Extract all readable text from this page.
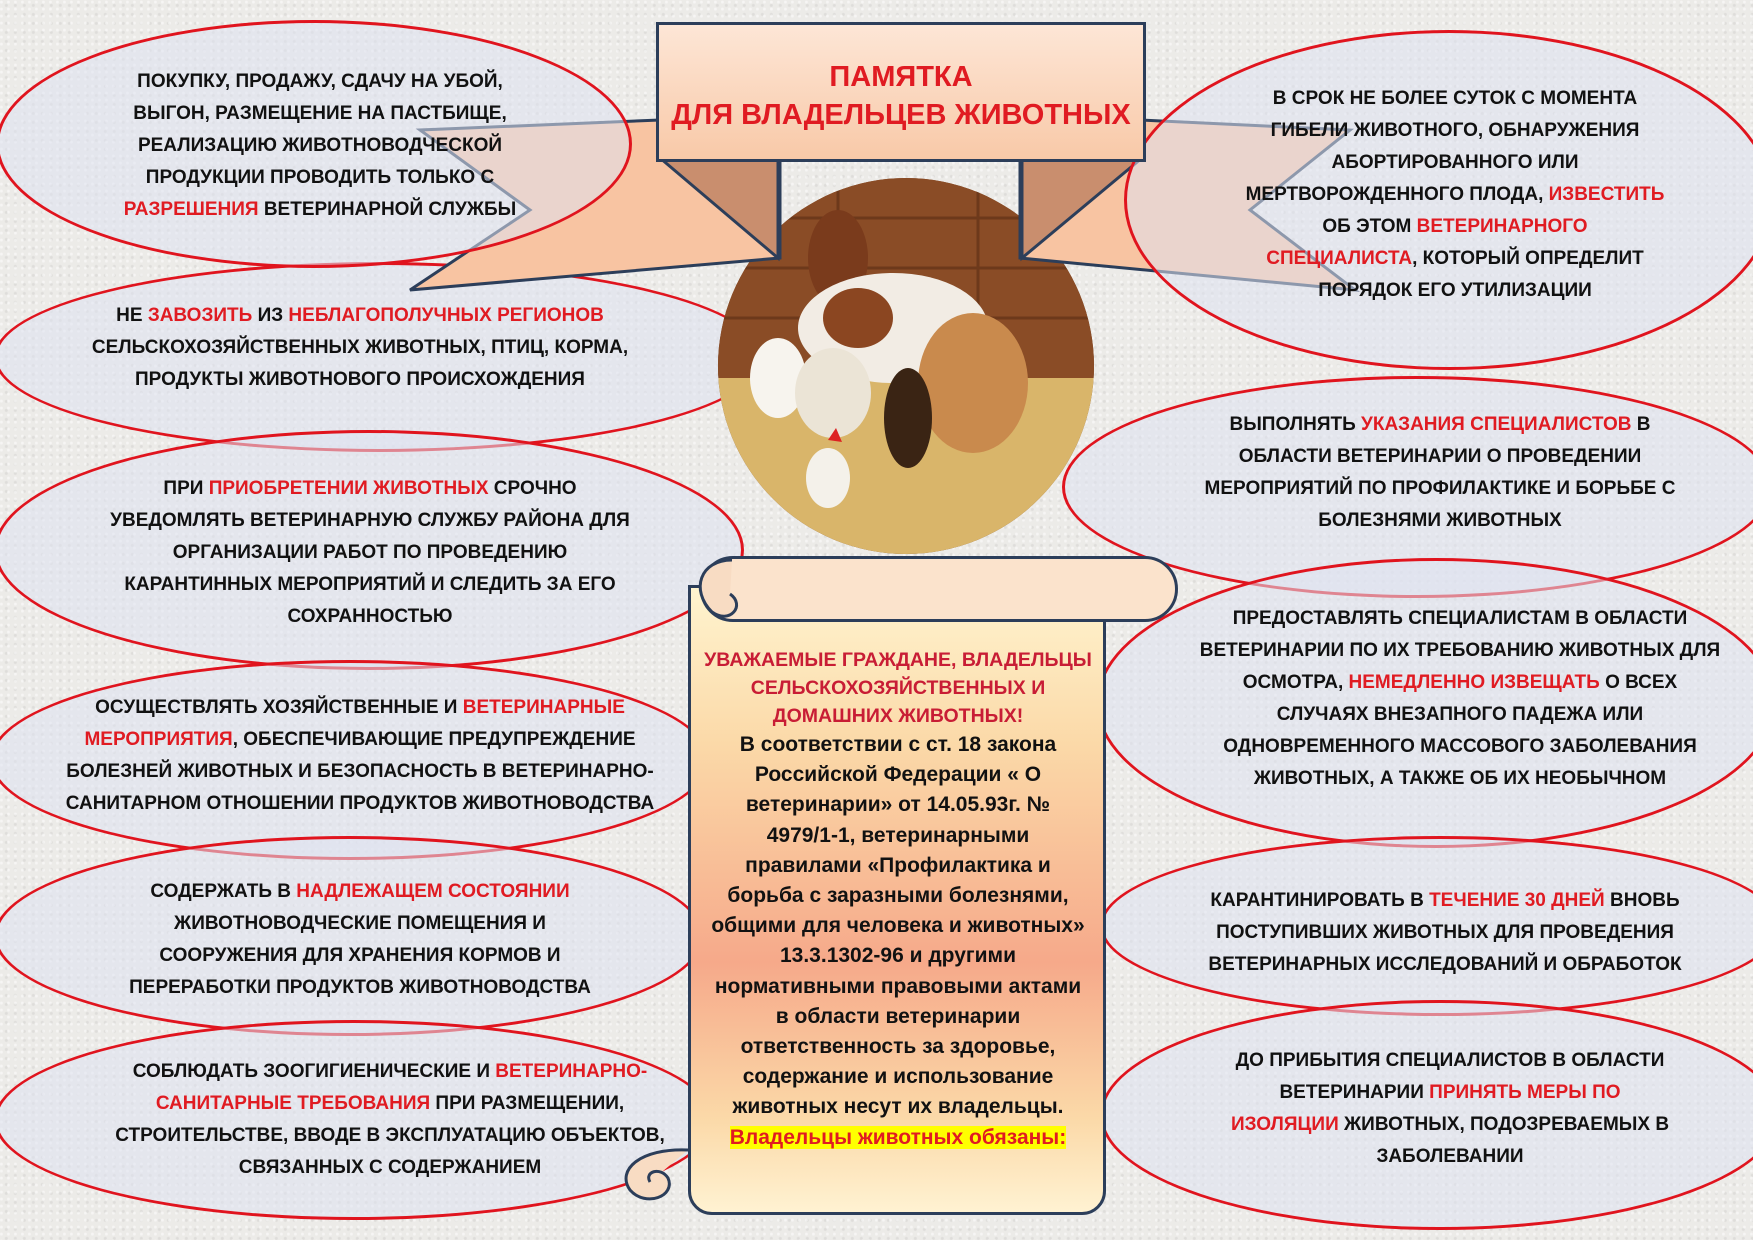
ПОКУПКУ, ПРОДАЖУ, СДАЧУ НА УБОЙ,
ВЫГОН, РАЗМЕЩЕНИЕ НА ПАСТБИЩЕ,
РЕАЛИЗАЦИЮ ЖИВОТНОВОДЧЕСКОЙ
ПРОДУКЦИИ ПРОВОДИТЬ ТОЛЬКО С
РАЗРЕШЕНИЯ ВЕТЕРИНАРНОЙ СЛУЖБЫ
НЕ ЗАВОЗИТЬ ИЗ НЕБЛАГОПОЛУЧНЫХ РЕГИОНОВ
СЕЛЬСКОХОЗЯЙСТВЕННЫХ ЖИВОТНЫХ, ПТИЦ, КОРМА,
ПРОДУКТЫ ЖИВОТНОВОГО ПРОИСХОЖДЕНИЯ
ПРИ ПРИОБРЕТЕНИИ ЖИВОТНЫХ СРОЧНО
УВЕДОМЛЯТЬ ВЕТЕРИНАРНУЮ СЛУЖБУ РАЙОНА ДЛЯ
ОРГАНИЗАЦИИ РАБОТ ПО ПРОВЕДЕНИЮ
КАРАНТИННЫХ МЕРОПРИЯТИЙ И СЛЕДИТЬ ЗА ЕГО
СОХРАННОСТЬЮ
ОСУЩЕСТВЛЯТЬ ХОЗЯЙСТВЕННЫЕ И ВЕТЕРИНАРНЫЕ
МЕРОПРИЯТИЯ, ОБЕСПЕЧИВАЮЩИЕ ПРЕДУПРЕЖДЕНИЕ
БОЛЕЗНЕЙ ЖИВОТНЫХ И БЕЗОПАСНОСТЬ В ВЕТЕРИНАРНО-
САНИТАРНОМ ОТНОШЕНИИ ПРОДУКТОВ ЖИВОТНОВОДСТВА
СОДЕРЖАТЬ В НАДЛЕЖАЩЕМ СОСТОЯНИИ
ЖИВОТНОВОДЧЕСКИЕ ПОМЕЩЕНИЯ И
СООРУЖЕНИЯ ДЛЯ ХРАНЕНИЯ КОРМОВ И
ПЕРЕРАБОТКИ ПРОДУКТОВ ЖИВОТНОВОДСТВА
СОБЛЮДАТЬ ЗООГИГИЕНИЧЕСКИЕ И ВЕТЕРИНАРНО-
САНИТАРНЫЕ ТРЕБОВАНИЯ ПРИ РАЗМЕЩЕНИИ,
СТРОИТЕЛЬСТВЕ, ВВОДЕ В ЭКСПЛУАТАЦИЮ ОБЪЕКТОВ,
СВЯЗАННЫХ С СОДЕРЖАНИЕМ
В СРОК НЕ БОЛЕЕ СУТОК С МОМЕНТА
ГИБЕЛИ ЖИВОТНОГО, ОБНАРУЖЕНИЯ
АБОРТИРОВАННОГО ИЛИ
МЕРТВОРОЖДЕННОГО ПЛОДА, ИЗВЕСТИТЬ
ОБ ЭТОМ ВЕТЕРИНАРНОГО
СПЕЦИАЛИСТА, КОТОРЫЙ ОПРЕДЕЛИТ
ПОРЯДОК ЕГО УТИЛИЗАЦИИ
ВЫПОЛНЯТЬ УКАЗАНИЯ СПЕЦИАЛИСТОВ В
ОБЛАСТИ ВЕТЕРИНАРИИ О ПРОВЕДЕНИИ
МЕРОПРИЯТИЙ ПО ПРОФИЛАКТИКЕ И БОРЬБЕ С
БОЛЕЗНЯМИ ЖИВОТНЫХ
ПРЕДОСТАВЛЯТЬ СПЕЦИАЛИСТАМ В ОБЛАСТИ
ВЕТЕРИНАРИИ ПО ИХ ТРЕБОВАНИЮ ЖИВОТНЫХ ДЛЯ
ОСМОТРА, НЕМЕДЛЕННО ИЗВЕЩАТЬ О ВСЕХ
СЛУЧАЯХ ВНЕЗАПНОГО ПАДЕЖА ИЛИ
ОДНОВРЕМЕННОГО МАССОВОГО ЗАБОЛЕВАНИЯ
ЖИВОТНЫХ, А ТАКЖЕ ОБ ИХ НЕОБЫЧНОМ
КАРАНТИНИРОВАТЬ В ТЕЧЕНИЕ 30 ДНЕЙ ВНОВЬ
ПОСТУПИВШИХ ЖИВОТНЫХ ДЛЯ ПРОВЕДЕНИЯ
ВЕТЕРИНАРНЫХ ИССЛЕДОВАНИЙ И ОБРАБОТОК
ДО ПРИБЫТИЯ СПЕЦИАЛИСТОВ В ОБЛАСТИ
ВЕТЕРИНАРИИ ПРИНЯТЬ МЕРЫ ПО
ИЗОЛЯЦИИ ЖИВОТНЫХ, ПОДОЗРЕВАЕМЫХ В
ЗАБОЛЕВАНИИ
ПАМЯТКА
ДЛЯ ВЛАДЕЛЬЦЕВ ЖИВОТНЫХ
УВАЖАЕМЫЕ ГРАЖДАНЕ, ВЛАДЕЛЬЦЫ
СЕЛЬСКОХОЗЯЙСТВЕННЫХ И
ДОМАШНИХ ЖИВОТНЫХ!
В соответствии с ст. 18 закона
Российской Федерации « О
ветеринарии» от 14.05.93г. №
4979/1-1, ветеринарными
правилами «Профилактика и
борьба с заразными болезнями,
общими для человека и животных»
13.3.1302-96 и другими
нормативными правовыми актами
в области ветеринарии
ответственность за здоровье,
содержание и использование
животных несут их владельцы.
Владельцы животных обязаны:
